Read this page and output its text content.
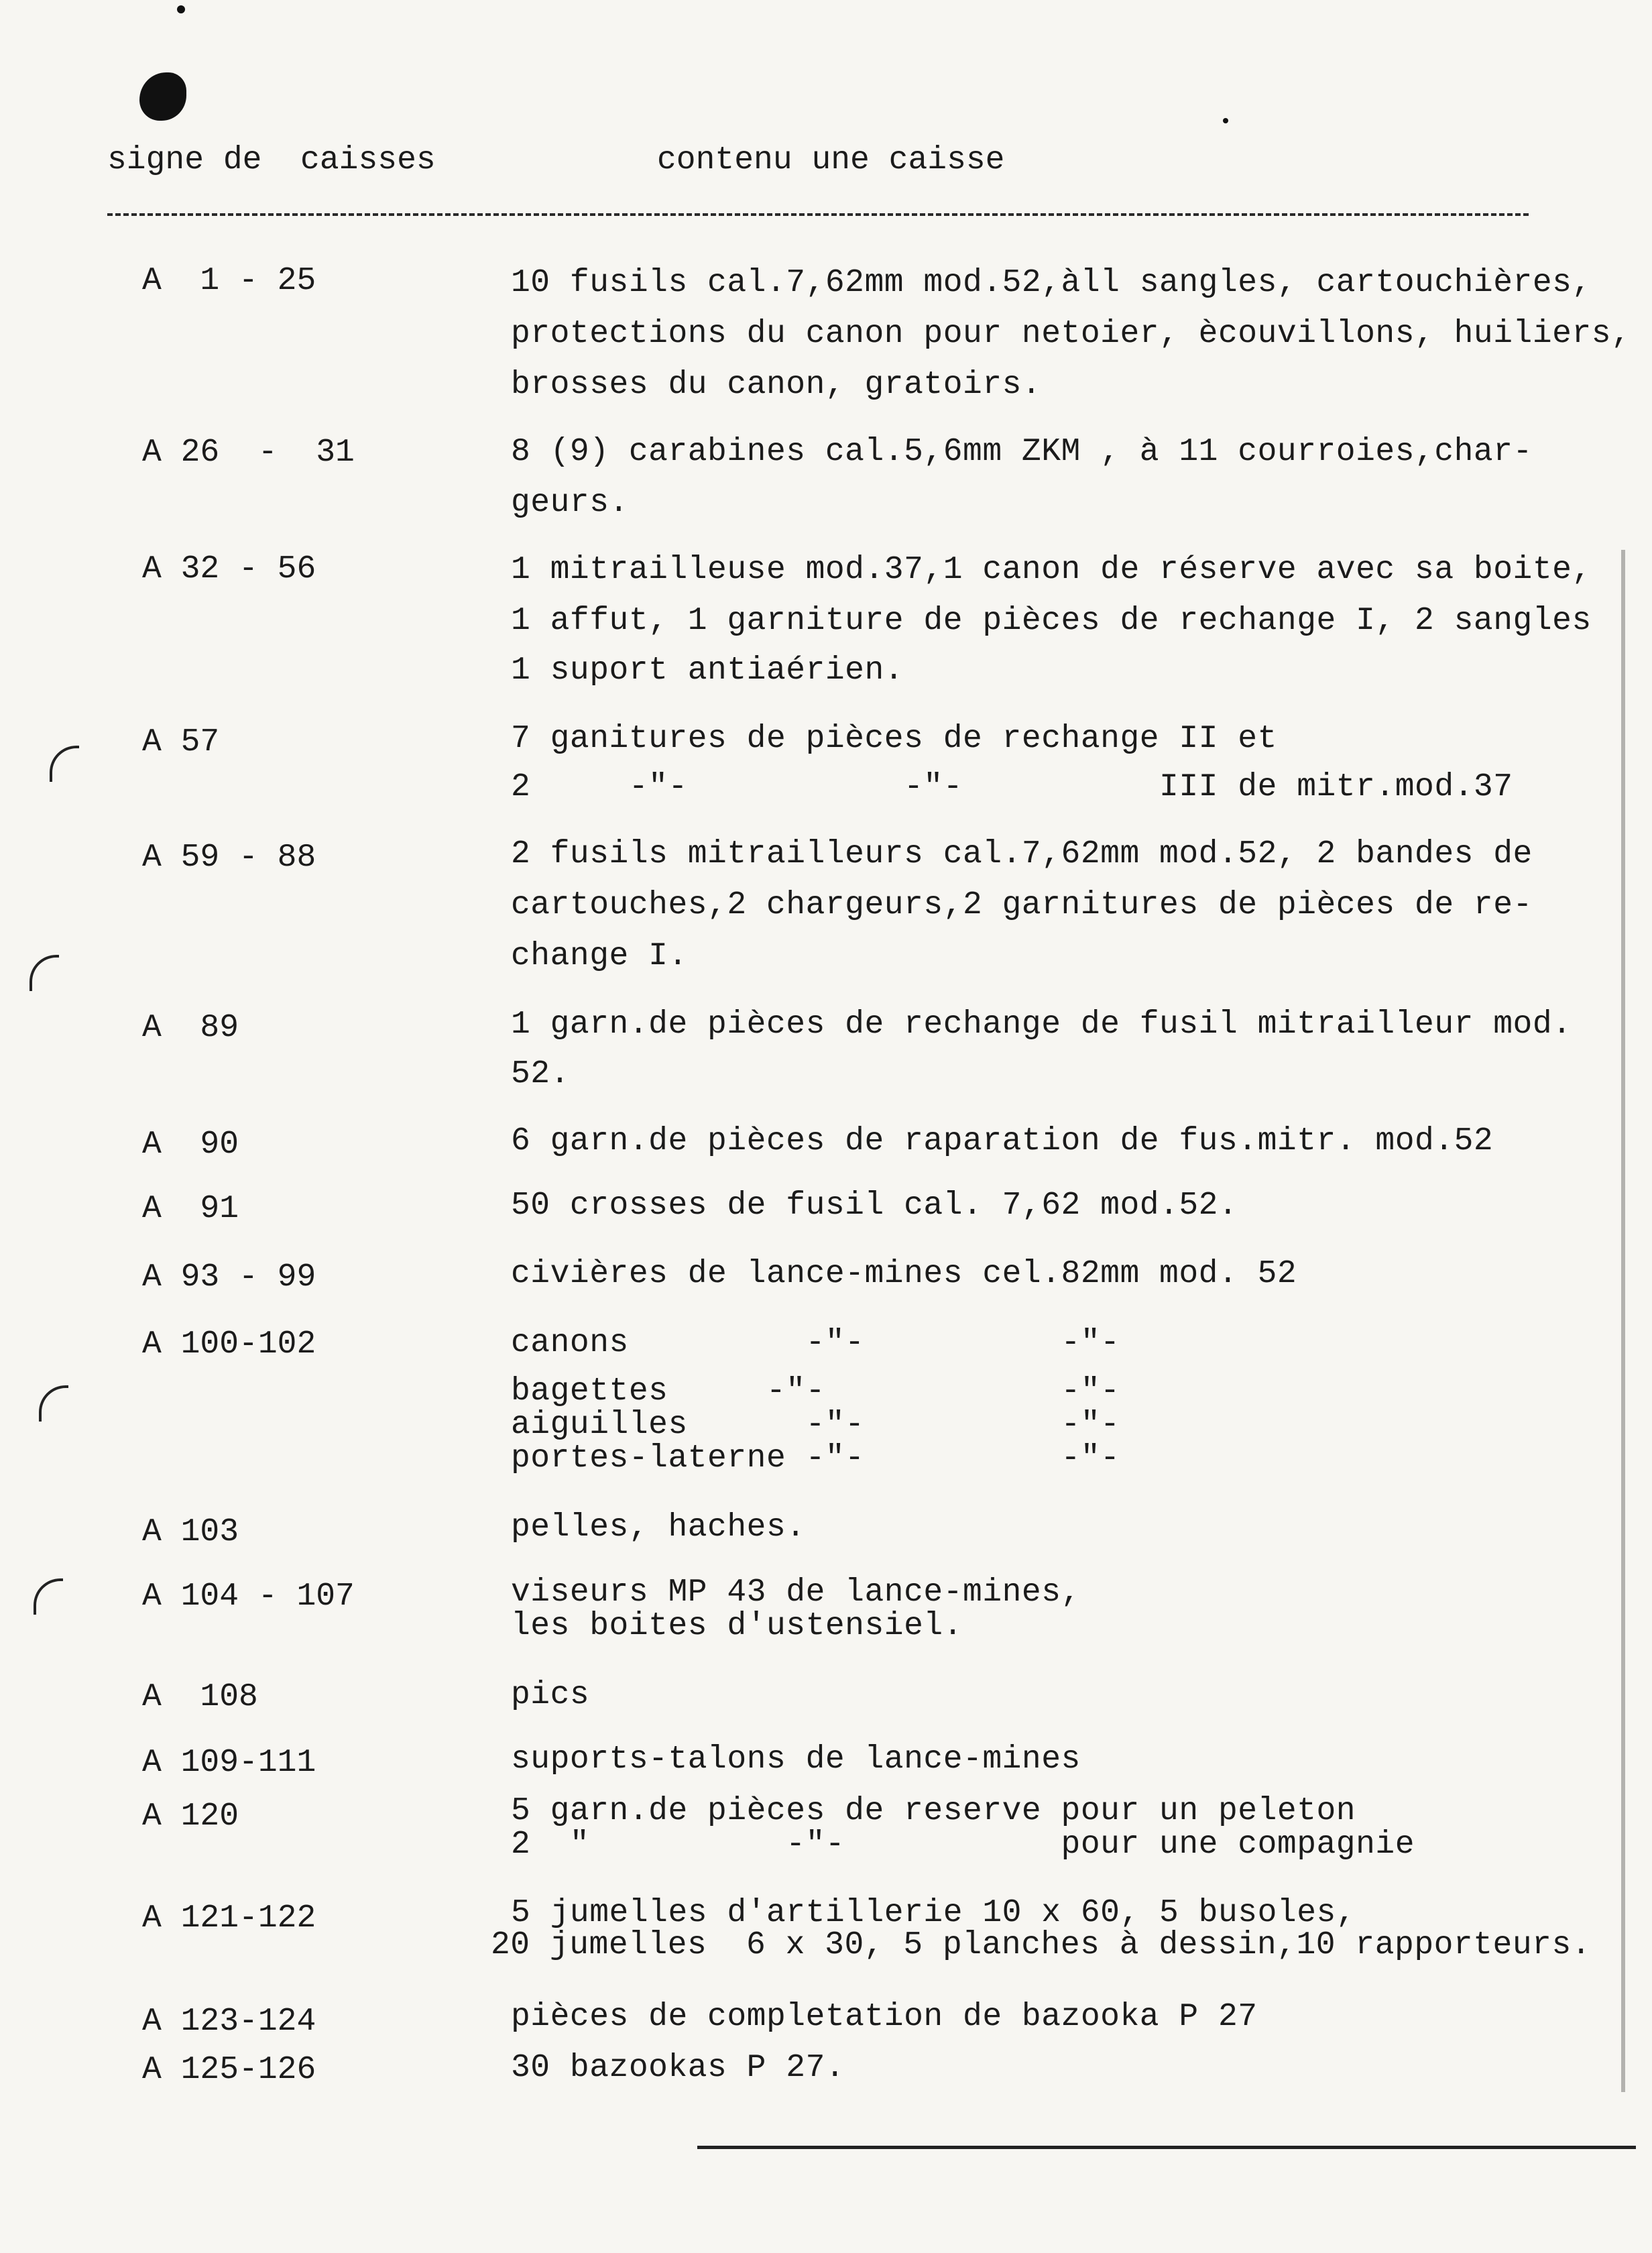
signe de  caisses	contenu une caisse
A  1 - 25	10 fusils cal.7,62mm mod.52,àll sangles, cartouchières,
protections du canon pour netoier, ècouvillons, huiliers,
brosses du canon, gratoirs.
A 26  -  31	8 (9) carabines cal.5,6mm ZKM , à 11 courroies,char-
geurs.
A 32 - 56	1 mitrailleuse mod.37,1 canon de réserve avec sa boite,
1 affut, 1 garniture de pièces de rechange I, 2 sangles
1 suport antiaérien.
A 57	7 ganitures de pièces de rechange II et
2     -"-           -"-          III de mitr.mod.37
A 59 - 88	2 fusils mitrailleurs cal.7,62mm mod.52, 2 bandes de
cartouches,2 chargeurs,2 garnitures de pièces de re-
change I.
A  89	1 garn.de pièces de rechange de fusil mitrailleur mod.
52.
A  90	6 garn.de pièces de raparation de fus.mitr. mod.52
A  91	50 crosses de fusil cal. 7,62 mod.52.
A 93 - 99	civières de lance-mines cel.82mm mod. 52
A 100-102	canons         -"-          -"-
bagettes     -"-            -"-
aiguilles      -"-          -"-
portes-laterne -"-          -"-
A 103	pelles, haches.
A 104 - 107	viseurs MP 43 de lance-mines,
les boites d'ustensiel.
A  108	pics
A 109-111	suports-talons de lance-mines
A 120	5 garn.de pièces de reserve pour un peleton
2  "          -"-           pour une compagnie
A 121-122	5 jumelles d'artillerie 10 x 60, 5 busoles,
20 jumelles  6 x 30, 5 planches à dessin,10 rapporteurs.
A 123-124	pièces de completation de bazooka P 27
A 125-126	30 bazookas P 27.
